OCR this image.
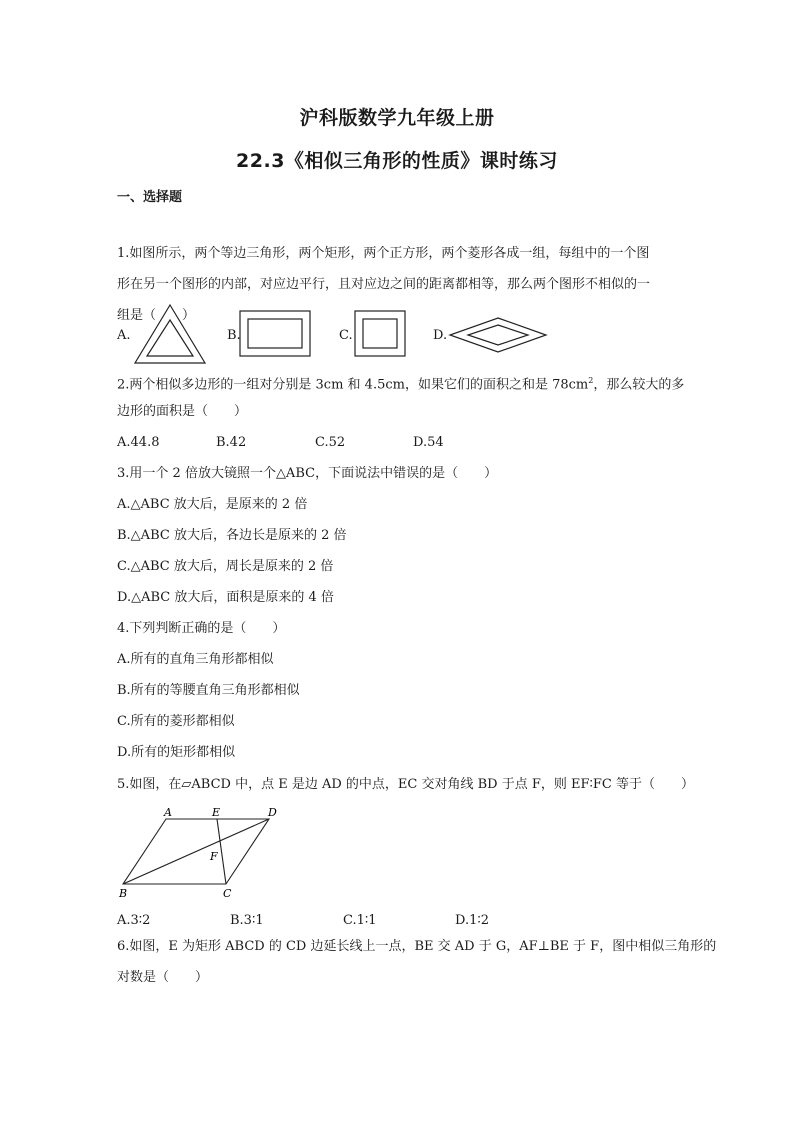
沪科版数学九年级上册
22.3《相似三角形的性质》课时练习
一、选择题
1.如图所示，两个等边三角形，两个矩形，两个正方形，两个菱形各成一组，每组中的一个图
形在另一个图形的内部，对应边平行，且对应边之间的距离都相等，那么两个图形不相似的一
组是（　　）
A.	B.	C.	D.
2.两个相似多边形的一组对分别是 3cm 和 4.5cm，如果它们的面积之和是 $78cm^2$，那么较大的多
边形的面积是（　　）
A.44.8	B.42	C.52	D.54
3.用一个 2 倍放大镜照一个△ABC，下面说法中错误的是（　　）
A.△ABC 放大后，是原来的 2 倍
B.△ABC 放大后，各边长是原来的 2 倍
C.△ABC 放大后，周长是原来的 2 倍
D.△ABC 放大后，面积是原来的 4 倍
4.下列判断正确的是（　　）
A.所有的直角三角形都相似
B.所有的等腰直角三角形都相似
C.所有的菱形都相似
D.所有的矩形都相似
5.如图，在▱ABCD 中，点 E 是边 AD 的中点，EC 交对角线 BD 于点 F，则 EF∶FC 等于（　　）
A	E	D
F
B	C
A.3∶2	B.3∶1	C.1∶1	D.1∶2
6.如图，E 为矩形 ABCD 的 CD 边延长线上一点，BE 交 AD 于 G，AF⊥BE 于 F，图中相似三角形的
对数是（　　）
